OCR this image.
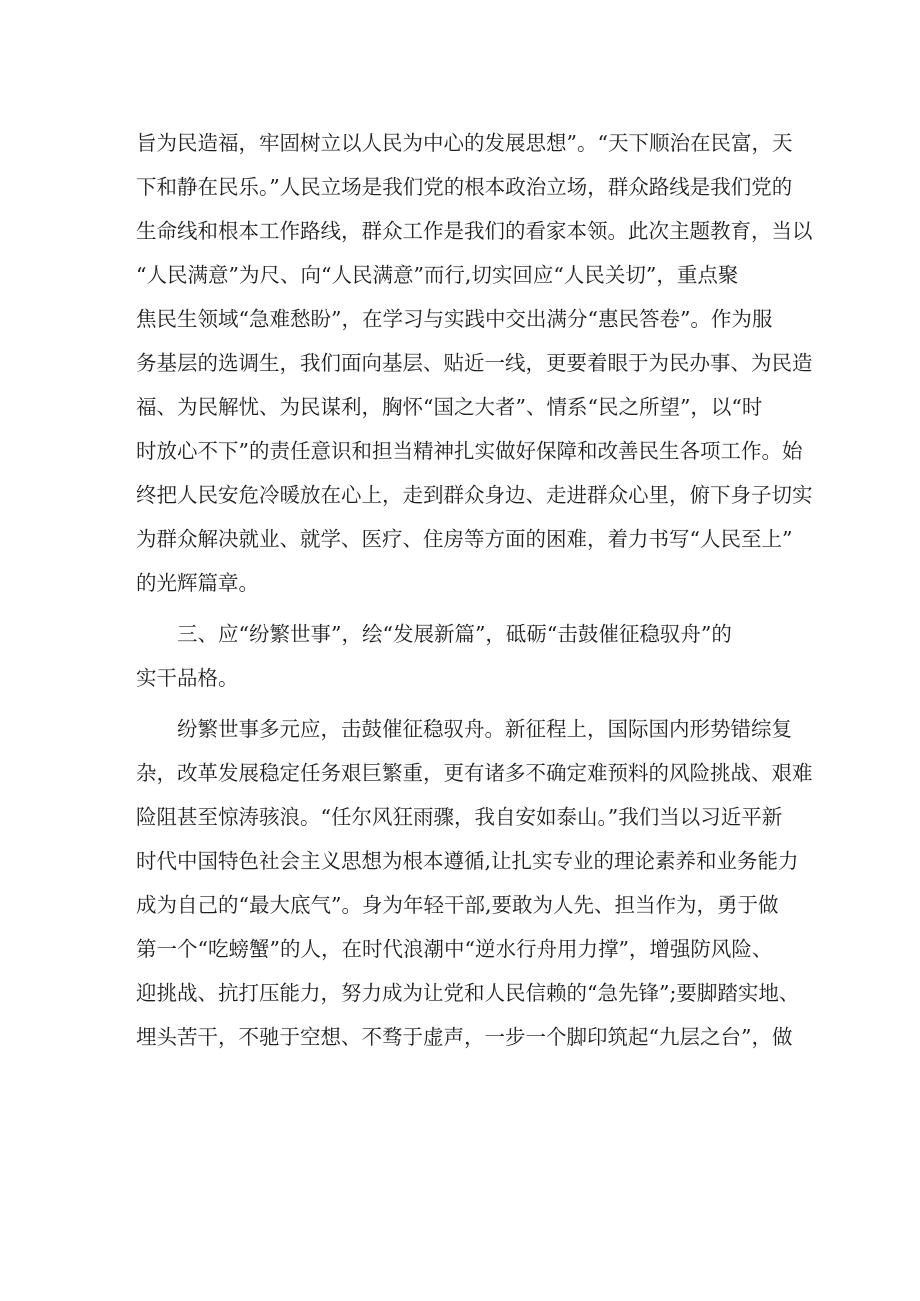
旨为民造福，牢固树立以人民为中心的发展思想”。“天下顺治在民富，天
下和静在民乐。”人民立场是我们党的根本政治立场，群众路线是我们党的
生命线和根本工作路线，群众工作是我们的看家本领。此次主题教育，当以
“人民满意”为尺、向“人民满意”而行,切实回应“人民关切”，重点聚
焦民生领域“急难愁盼”，在学习与实践中交出满分“惠民答卷”。作为服
务基层的选调生，我们面向基层、贴近一线，更要着眼于为民办事、为民造
福、为民解忧、为民谋利，胸怀“国之大者”、情系“民之所望”，以“时
时放心不下”的责任意识和担当精神扎实做好保障和改善民生各项工作。始
终把人民安危冷暖放在心上，走到群众身边、走进群众心里，俯下身子切实
为群众解决就业、就学、医疗、住房等方面的困难，着力书写“人民至上”
的光辉篇章。
三、应“纷繁世事”，绘“发展新篇”，砥砺“击鼓催征稳驭舟”的
实干品格。
纷繁世事多元应，击鼓催征稳驭舟。新征程上，国际国内形势错综复
杂，改革发展稳定任务艰巨繁重，更有诸多不确定难预料的风险挑战、艰难
险阻甚至惊涛骇浪。“任尔风狂雨骤，我自安如泰山。”我们当以习近平新
时代中国特色社会主义思想为根本遵循,让扎实专业的理论素养和业务能力
成为自己的“最大底气”。身为年轻干部,要敢为人先、担当作为，勇于做
第一个“吃螃蟹”的人，在时代浪潮中“逆水行舟用力撑”，增强防风险、
迎挑战、抗打压能力，努力成为让党和人民信赖的“急先锋”;要脚踏实地、
埋头苦干，不驰于空想、不骛于虚声，一步一个脚印筑起“九层之台”，做
